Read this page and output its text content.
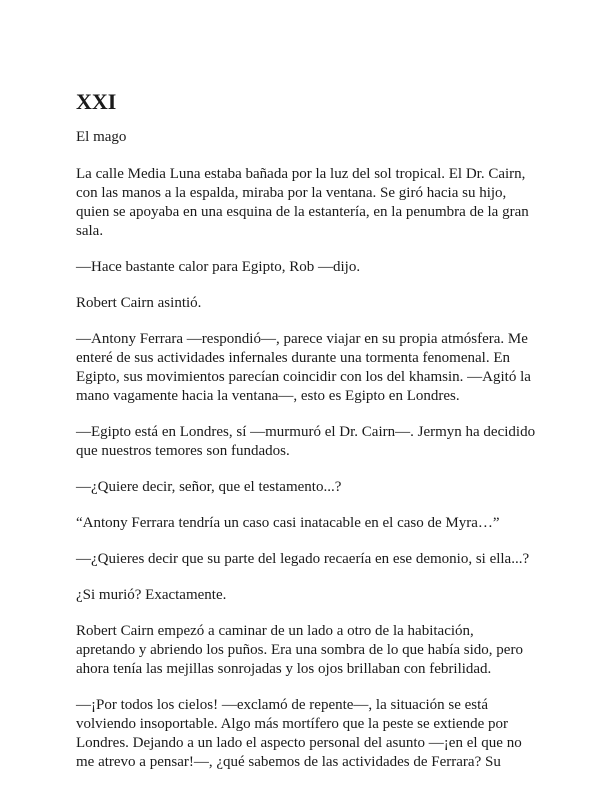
XXI

El mago

La calle Media Luna estaba bañada por la luz del sol tropical. El Dr. Cairn, con las manos a la espalda, miraba por la ventana. Se giró hacia su hijo, quien se apoyaba en una esquina de la estantería, en la penumbra de la gran sala.

—Hace bastante calor para Egipto, Rob —dijo.

Robert Cairn asintió.

—Antony Ferrara —respondió—, parece viajar en su propia atmósfera. Me enteré de sus actividades infernales durante una tormenta fenomenal. En Egipto, sus movimientos parecían coincidir con los del khamsin. —Agitó la mano vagamente hacia la ventana—, esto es Egipto en Londres.

—Egipto está en Londres, sí —murmuró el Dr. Cairn—. Jermyn ha decidido que nuestros temores son fundados.

—¿Quiere decir, señor, que el testamento...?

“Antony Ferrara tendría un caso casi inatacable en el caso de Myra…”

—¿Quieres decir que su parte del legado recaería en ese demonio, si ella...?

¿Si murió? Exactamente.

Robert Cairn empezó a caminar de un lado a otro de la habitación, apretando y abriendo los puños. Era una sombra de lo que había sido, pero ahora tenía las mejillas sonrojadas y los ojos brillaban con febrilidad.

—¡Por todos los cielos! —exclamó de repente—, la situación se está volviendo insoportable. Algo más mortífero que la peste se extiende por Londres. Dejando a un lado el aspecto personal del asunto —¡en el que no me atrevo a pensar!—, ¿qué sabemos de las actividades de Ferrara? Su
